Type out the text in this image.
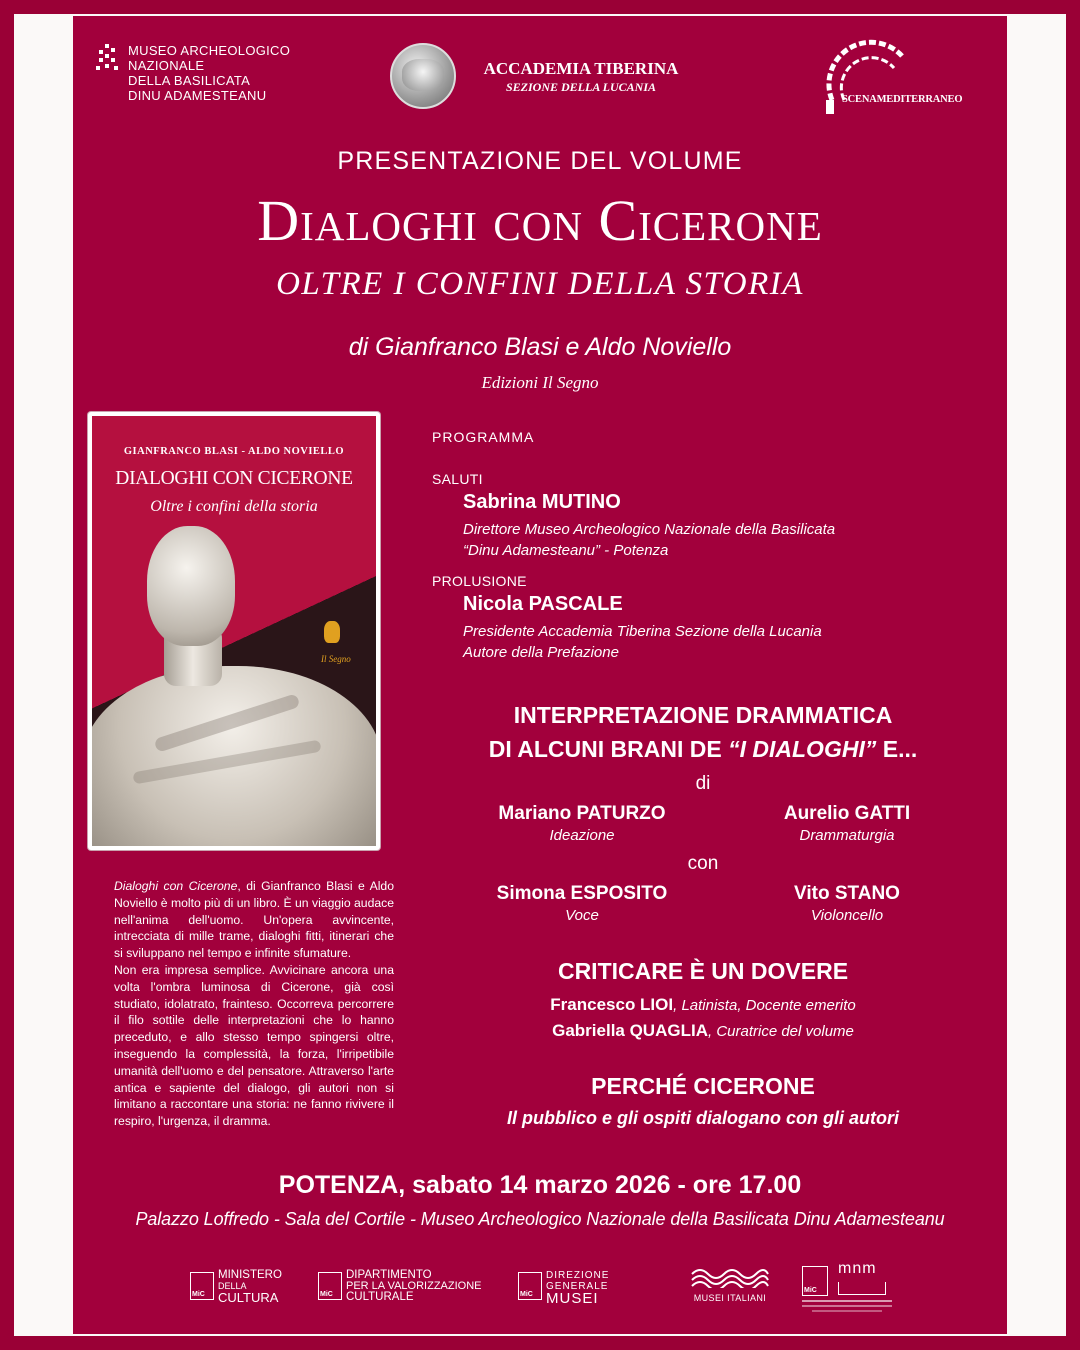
MUSEO ARCHEOLOGICO
NAZIONALE
DELLA BASILICATA
DINU ADAMESTEANU
ACCADEMIA TIBERINA
SEZIONE DELLA LUCANIA
SCENAMEDITERRANEO
PRESENTAZIONE DEL VOLUME
Dialoghi con Cicerone
OLTRE I CONFINI DELLA STORIA
di Gianfranco Blasi e Aldo Noviello
Edizioni Il Segno
GIANFRANCO BLASI - ALDO NOVIELLO
DIALOGHI CON CICERONE
Oltre i confini della storia
Il Segno
Dialoghi con Cicerone, di Gianfranco Blasi e Aldo Noviello è molto più di un libro. È un viaggio audace nell'anima dell'uomo. Un'opera avvincente, intrecciata di mille trame, dialoghi fitti, itinerari che si sviluppano nel tempo e infinite sfumature.
Non era impresa semplice. Avvicinare ancora una volta l'ombra luminosa di Cicerone, già così studiato, idolatrato, frainteso. Occorreva percorrere il filo sottile delle interpretazioni che lo hanno preceduto, e allo stesso tempo spingersi oltre, inseguendo la complessità, la forza, l'irripetibile umanità dell'uomo e del pensatore. Attraverso l'arte antica e sapiente del dialogo, gli autori non si limitano a raccontare una storia: ne fanno rivivere il respiro, l'urgenza, il dramma.
PROGRAMMA
SALUTI
Sabrina MUTINO
Direttore Museo Archeologico Nazionale della Basilicata
“Dinu Adamesteanu” - Potenza
PROLUSIONE
Nicola PASCALE
Presidente Accademia Tiberina Sezione della Lucania
Autore della Prefazione
INTERPRETAZIONE DRAMMATICA
DI ALCUNI BRANI DE “I DIALOGHI” E...
di
Mariano PATURZO
Ideazione
Aurelio GATTI
Drammaturgia
con
Simona ESPOSITO
Voce
Vito STANO
Violoncello
CRITICARE È UN DOVERE
Francesco LIOI, Latinista, Docente emerito
Gabriella QUAGLIA, Curatrice del volume
PERCHÉ CICERONE
Il pubblico e gli ospiti dialogano con gli autori
POTENZA, sabato 14 marzo 2026 - ore 17.00
Palazzo Loffredo - Sala del Cortile - Museo Archeologico Nazionale della Basilicata Dinu Adamesteanu
MiC
MINISTERO
DELLA
CULTURA	MiC
DIPARTIMENTO
PER LA VALORIZZAZIONE
CULTURALE	MiC
DIREZIONE
GENERALE
MUSEI	MUSEI ITALIANI
MiC
mnm
